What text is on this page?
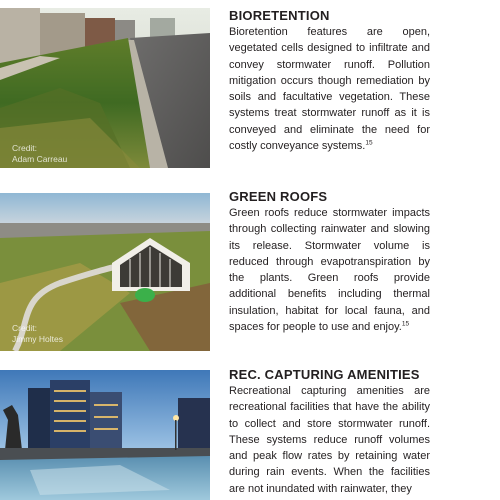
Credit:
Adam Carreau
Credit:
Jimmy Holtes
BIORETENTION

Bioretention features are open, vegetated cells designed to infiltrate and convey stormwater runoff. Pollution mitigation occurs though remediation by soils and facultative vegetation. These systems treat stormwater runoff as it is conveyed and eliminate the need for costly conveyance systems.$^{15}$

GREEN ROOFS

Green roofs reduce stormwater impacts through collecting rainwater and slowing its release. Stormwater volume is reduced through evapotranspiration by the plants. Green roofs provide additional benefits including thermal insulation, habitat for local fauna, and spaces for people to use and enjoy.$^{15}$

REC. CAPTURING AMENITIES

Recreational capturing amenities are recreational facilities that have the ability to collect and store stormwater runoff. These systems reduce runoff volumes and peak flow rates by retaining water during rain events. When the facilities are not inundated with rainwater, they
